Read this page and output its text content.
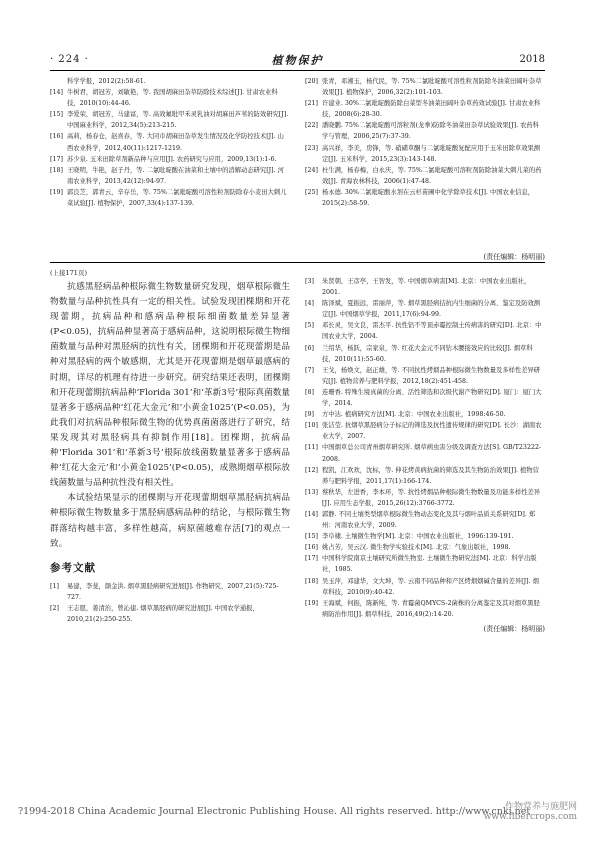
· 224 ·	植物保护	2018
科学学报，2012(2):58-61.
[14] 牛树君，胡冠芳，刘敏艳，等. 我国胡麻田杂草防除技术综述[J]. 甘肃农业科技，2010(10):44-46.
[15] 李爱荣，胡冠芳，马建富，等. 高效氟吡甲禾灵乳油对胡麻田芦苇的防效研究[J]. 中国麻业科学，2012,34(5):213-215.
[16] 高莉，杨春仓，赵喜春，等. 大同市胡麻田杂草发生情况及化学防控技术[J]. 山西农业科学，2012,40(11):1217-1219.
[17] 苏少泉. 玉米田除草剂新品种与应用[J]. 农药研究与应用，2009,13(1):1-6.
[18] 王晓明，牛艳，赵子丹，等. 二氯吡啶酸在油菜和土壤中的消解动态研究[J]. 河南农业科学，2013,42(12):94-97.
[19] 郭良芝，郭青云，辛存岳，等. 75%二氯吡啶酸可溶性粒剂防除春小麦田大刺儿菜试验[J]. 植物保护，2007,33(4):137-139.
[20] 张青，邓湘玉，杨代民，等. 75%二氯吡啶酸可溶性粒剂防除冬油菜田阔叶杂草效果[J]. 植物保护，2006,32(2):101-103.
[21] 许建业. 30%二氯吡啶酸防除白菜型冬油菜田阔叶杂草药效试验[J]. 甘肃农业科技，2008(6):28-30.
[22] 潘晓鹏. 75%二氯吡啶酸可溶粒剂(龙拳)防除冬油菜田杂草试验效果[J]. 农药科学与管理，2006,25(7):37-39.
[23] 高兴祥，李美，房锋，等. 硝磺草酮与二氯吡啶酸复配应用于玉米田除草效果测定[J]. 玉米科学，2015,23(3):143-148.
[24] 杜生满，杨春梅，白永庆，等. 75%二氯吡啶酸可溶粒剂防除油菜大刺儿菜的药效[J]. 青海农林科技，2006(1):47-48.
[25] 杨永德. 30%二氯吡啶酸水剂在云杉苗圃中化学除草技术[J]. 中国农业信息，2015(2):58-59.
(责任编辑：杨明丽)

(上接171页)

抗感黑胫病品种根际微生物数量研究发现，烟草根际微生物数量与品种抗性具有一定的相关性。试验发现团棵期和开花现蕾期，抗病品种和感病品种根际细菌数量差异显著(P<0.05)，抗病品种显著高于感病品种，这说明根际微生物细菌数量与品种对黑胫病的抗性有关，团棵期和开花现蕾期是品种对黑胫病的两个敏感期，尤其是开花现蕾期是烟草最感病的时期，详尽的机理有待进一步研究。研究结果还表明，团棵期和开花现蕾期抗病品种‘Florida 301’和‘革新3号’根际真菌数量显著多于感病品种‘红花大金元’和‘小黄金1025’(P<0.05)，为此我们对抗病品种根际微生物的优势真菌菌落进行了研究，结果发现其对黑胫病具有抑制作用[18]。团棵期，抗病品种‘Florida 301’和‘革新3号’根际放线菌数量显著多于感病品种‘红花大金元’和‘小黄金1025’(P<0.05)，成熟期烟草根际放线菌数量与品种抗性没有相关性。

本试验结果显示的团棵期与开花现蕾期烟草黑胫病抗病品种根际微生物数量多于黑胫病感病品种的结论，与根际微生物群落结构越丰富，多样性越高，病原菌越难存活[7]的观点一致。

参考文献
[1] 易建，李斐，颜金洪. 烟草黑胫病研究进展[J]. 作物研究，2007,21(5):725-727.
[2] 王志愿，姜清治，曾沁建. 烟草黑胫病的研究进展[J]. 中国农学通报，2010,21(2):250-255.
[3] 朱贤朝，王彦亭，王智发，等. 中国烟草病害[M]. 北京：中国农业出版社，2001.
[4] 陈泽斌，夏振远，雷丽萍，等. 烟草黑胫病拮抗内生细菌的分离、鉴定及防效测定[J]. 中国烟草学报，2011,17(6):94-99.
[5] 邓长灵，吴文良，雷杰平. 抗性钻不等顶赤霉控制土传病害的研究[D]. 北京：中国农业大学，2004.
[6] 兰绍华，杨跃，宗家泉，等. 红花大金元不同钻木腰接效应的比较[J]. 烟草科技，2010(11):55-60.
[7] 王戈，杨焕文，赵正雄，等. 不同抗性烤烟品种根际微生物数量及多样性差异研究[J]. 植物营养与肥料学报，2012,18(2):451-458.
[8] 连珊香. 特殊生境真菌的分离、活性筛选和次级代谢产物研究[D]. 厦门：厦门大学，2014.
[9] 方中达. 植病研究方法[M]. 北京：中国农业出版社，1998:46-50.
[10] 张洁莹. 抗烟草黑胫病分子标记的筛选及抗性遗传规律的研究[D]. 长沙：湖南农业大学，2007.
[11] 中国烟草总公司青州烟草研究所. 烟草病虫害分级及调查方法[S]. GB/T23222-2008.
[12] 程凯，江欢欢，沈标，等. 伸花烤黄病抗菌的筛选及其生物防治效果[J]. 植物营养与肥料学报，2011,17(1):166-174.
[13] 蔡秋华，左进香，李本环，等. 抗性烤烟品种根际微生物数量及功能多样性差异[J]. 应用生态学报，2015,26(12):3766-3772.
[14] 郭静. 不同土壤类型烟草根际微生物动态变化及其与烟叶品质关系研究[D]. 郑州：河南农业大学，2009.
[15] 李阜棣. 土壤微生物学[M]. 北京：中国农业出版社，1996:139-191.
[16] 姚占芳，吴云汉. 微生物学实验技术[M]. 北京：气象出版社，1998.
[17] 中国科学院南京土壤研究所微生物室. 土壤微生物研究法[M]. 北京：科学出版社，1985.
[18] 吴玉萍，邓建华，文大坤，等. 云南不同品种和产区烤烟烟碱含量的差异[J]. 烟草科技，2010(9):40-42.
[19] 王海斌，何振，陈新纯，等. 青霉菌QMYCS-2菌株的分离鉴定及其对烟草黑胫病防治作用[J]. 烟草科技，2016,49(2):14-20.
(责任编辑：杨明丽)
?1994-2018 China Academic Journal Electronic Publishing House. All rights reserved. http://www.cnki.net
作物营养与施肥网
www.fibercrops.com
